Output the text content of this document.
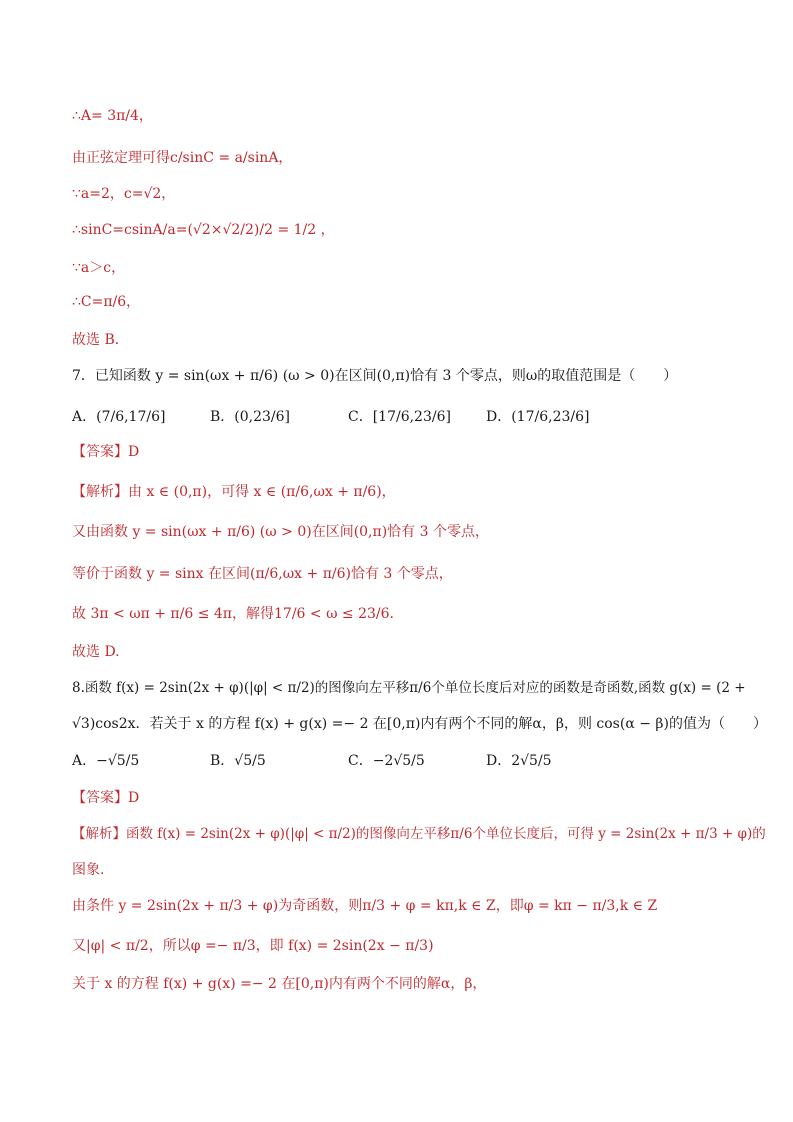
∴A= 3π/4，
由正弦定理可得c/sinC = a/sinA，
∵a=2，c=√2，
∴sinC=csinA/a=(√2×√2/2)/2 = 1/2 ，
∵a＞c，
∴C=π/6，
故选 B．
7．已知函数 y = sin(ωx + π/6) (ω > 0)在区间(0,π)恰有 3 个零点，则ω的取值范围是（　　）
A．(7/6,17/6]	B．(0,23/6]	C．[17/6,23/6]	D．(17/6,23/6]
【答案】D
【解析】由 x ∈ (0,π)，可得 x ∈ (π/6,ωx + π/6)，
又由函数 y = sin(ωx + π/6) (ω > 0)在区间(0,π)恰有 3 个零点，
等价于函数 y = sinx 在区间(π/6,ωx + π/6)恰有 3 个零点，
故 3π < ωπ + π/6 ≤ 4π，解得17/6 < ω ≤ 23/6.
故选 D.
8.函数 f(x) = 2sin(2x + φ)(|φ| < π/2)的图像向左平移π/6个单位长度后对应的函数是奇函数,函数 g(x) = (2 +
√3)cos2x．若关于 x 的方程 f(x) + g(x) =− 2 在[0,π)内有两个不同的解α，β，则 cos(α − β)的值为（　　）
A．−√5/5	B．√5/5	C．−2√5/5	D．2√5/5
【答案】D
【解析】函数 f(x) = 2sin(2x + φ)(|φ| < π/2)的图像向左平移π/6个单位长度后，可得 y = 2sin(2x + π/3 + φ)的
图象.
由条件 y = 2sin(2x + π/3 + φ)为奇函数，则π/3 + φ = kπ,k ∈ Z，即φ = kπ − π/3,k ∈ Z
又|φ| < π/2，所以φ =− π/3，即 f(x) = 2sin(2x − π/3)
关于 x 的方程 f(x) + g(x) =− 2 在[0,π)内有两个不同的解α，β，
